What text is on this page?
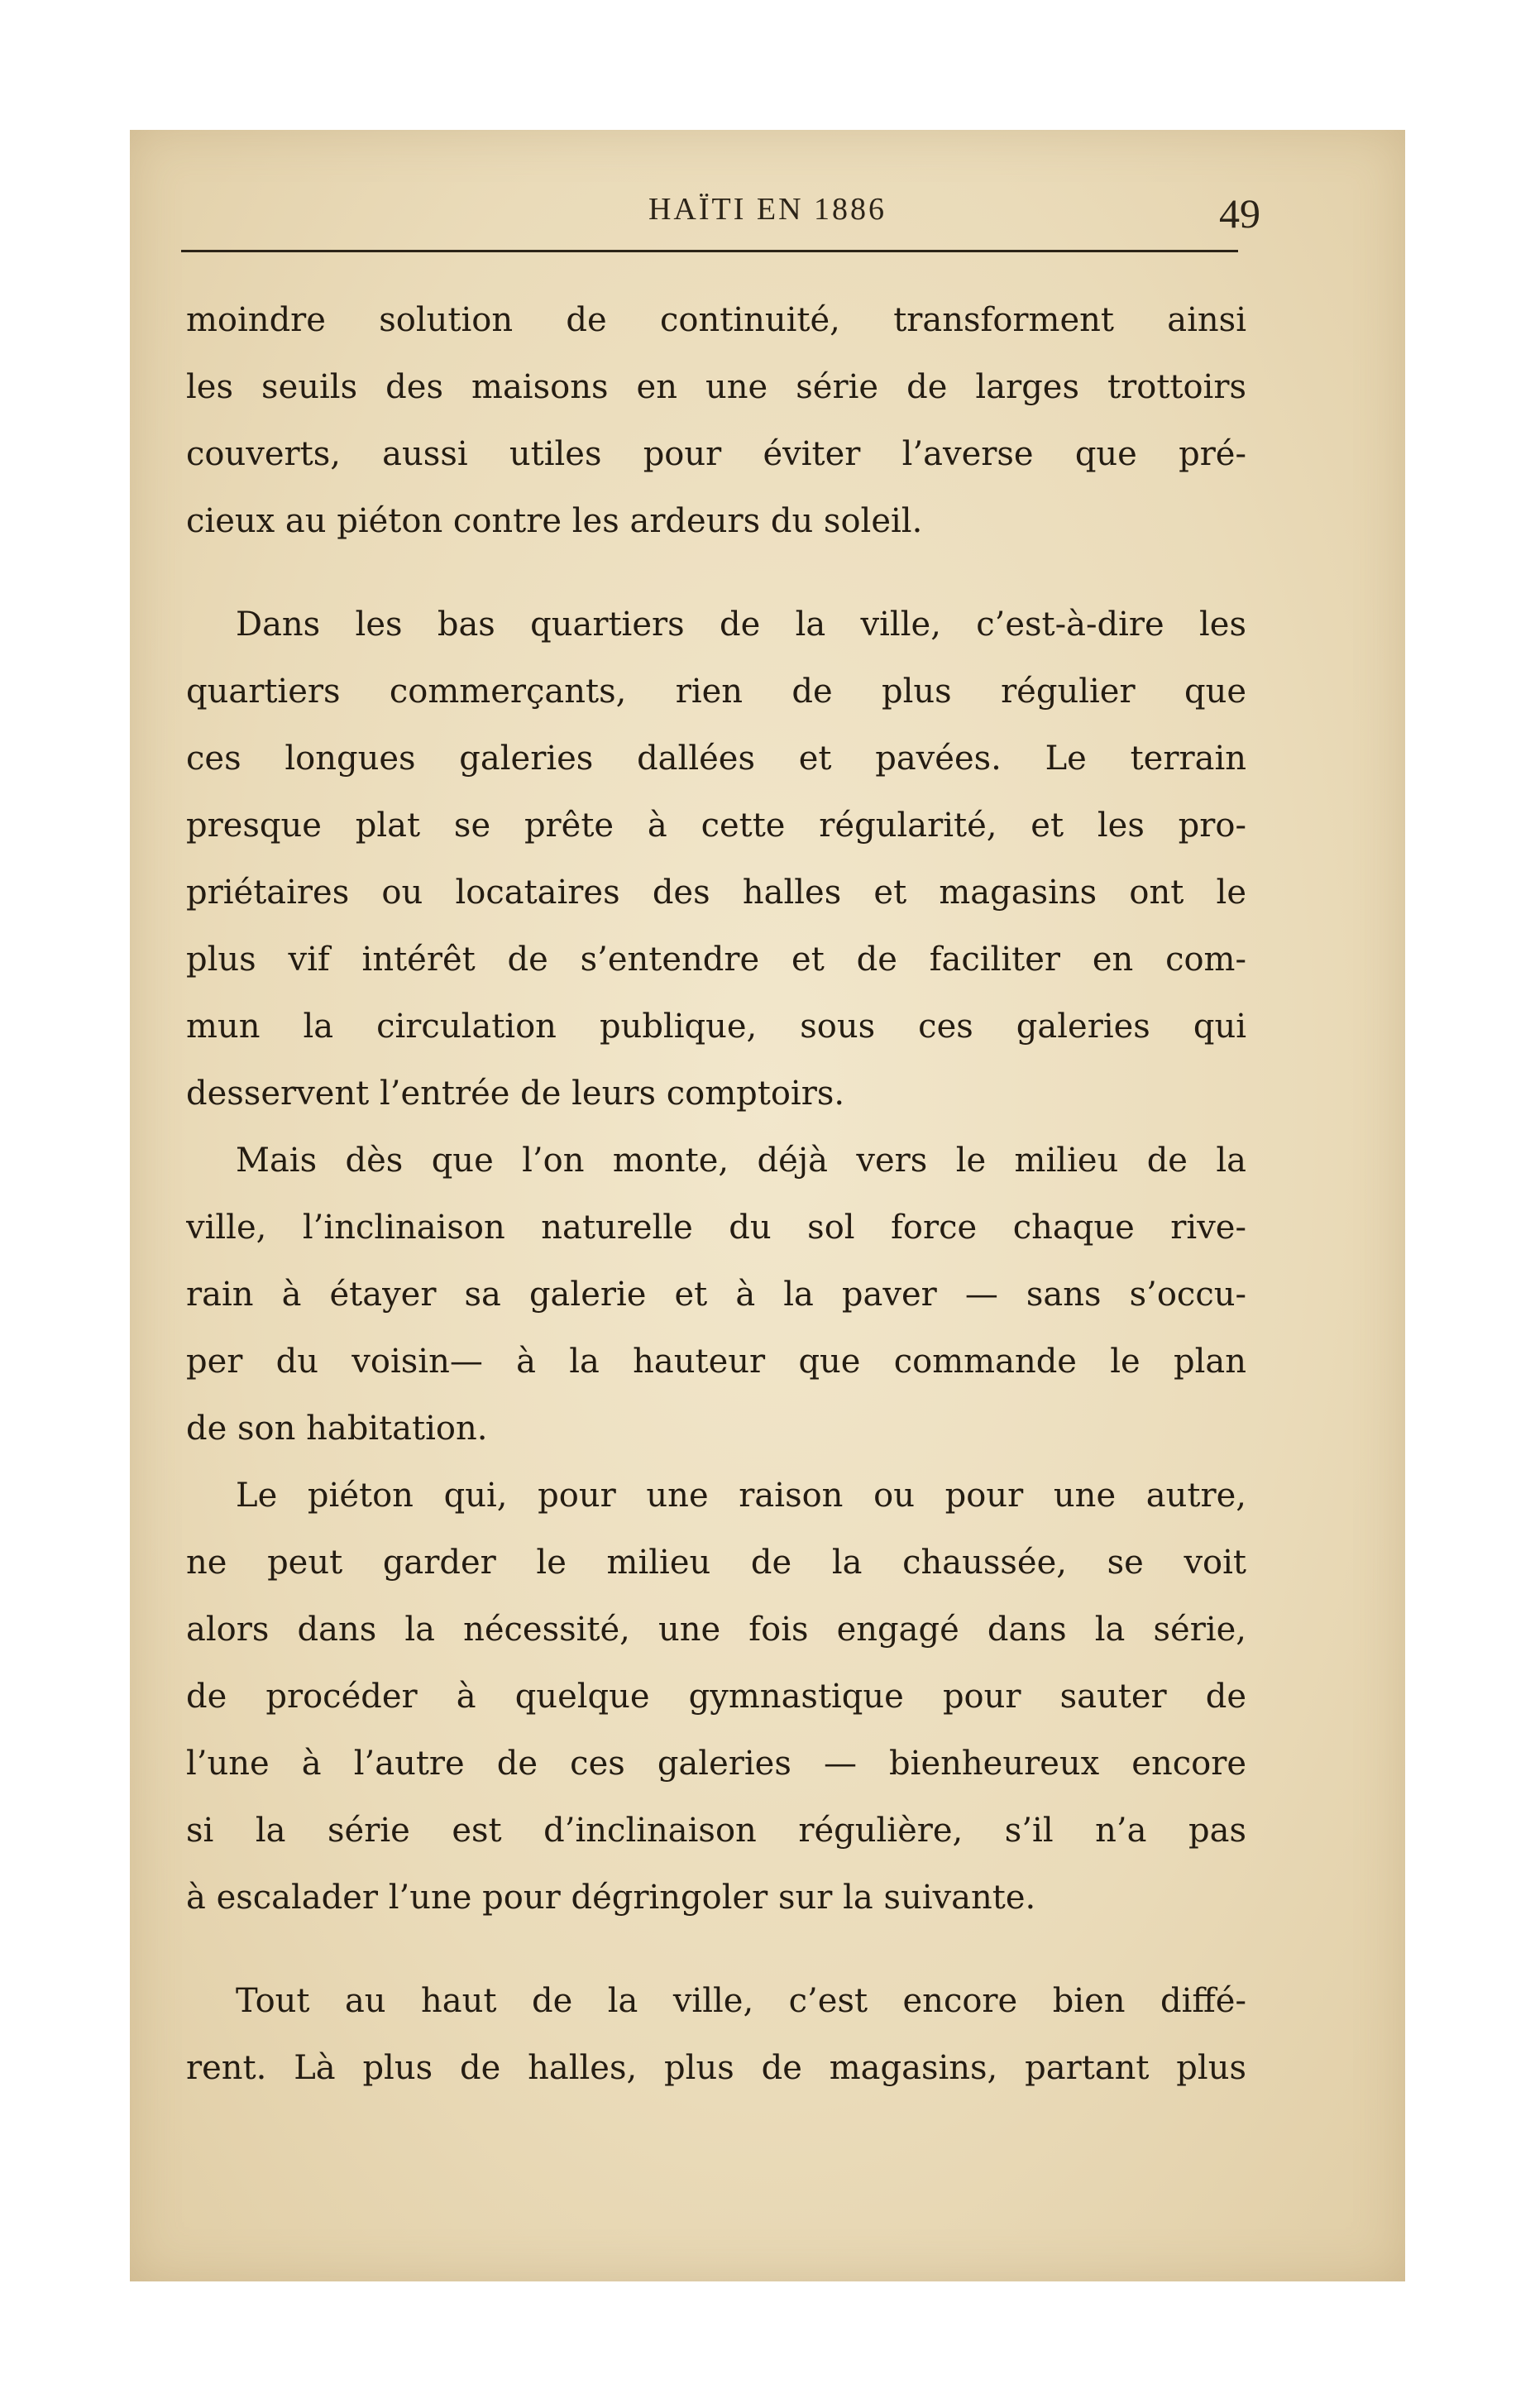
HAÏTI EN 1886	49
moindre solution de continuité, transforment ainsi
les seuils des maisons en une série de larges trottoirs
couverts, aussi utiles pour éviter l’averse que pré-
cieux au piéton contre les ardeurs du soleil.
Dans les bas quartiers de la ville, c’est-à-dire les
quartiers commerçants, rien de plus régulier que
ces longues galeries dallées et pavées. Le terrain
presque plat se prête à cette régularité, et les pro-
priétaires ou locataires des halles et magasins ont le
plus vif intérêt de s’entendre et de faciliter en com-
mun la circulation publique, sous ces galeries qui
desservent l’entrée de leurs comptoirs.
Mais dès que l’on monte, déjà vers le milieu de la
ville, l’inclinaison naturelle du sol force chaque rive-
rain à étayer sa galerie et à la paver — sans s’occu-
per du voisin— à la hauteur que commande le plan
de son habitation.
Le piéton qui, pour une raison ou pour une autre,
ne peut garder le milieu de la chaussée, se voit
alors dans la nécessité, une fois engagé dans la série,
de procéder à quelque gymnastique pour sauter de
l’une à l’autre de ces galeries — bienheureux encore
si la série est d’inclinaison régulière, s’il n’a pas
à escalader l’une pour dégringoler sur la suivante.
Tout au haut de la ville, c’est encore bien diffé-
rent. Là plus de halles, plus de magasins, partant plus
